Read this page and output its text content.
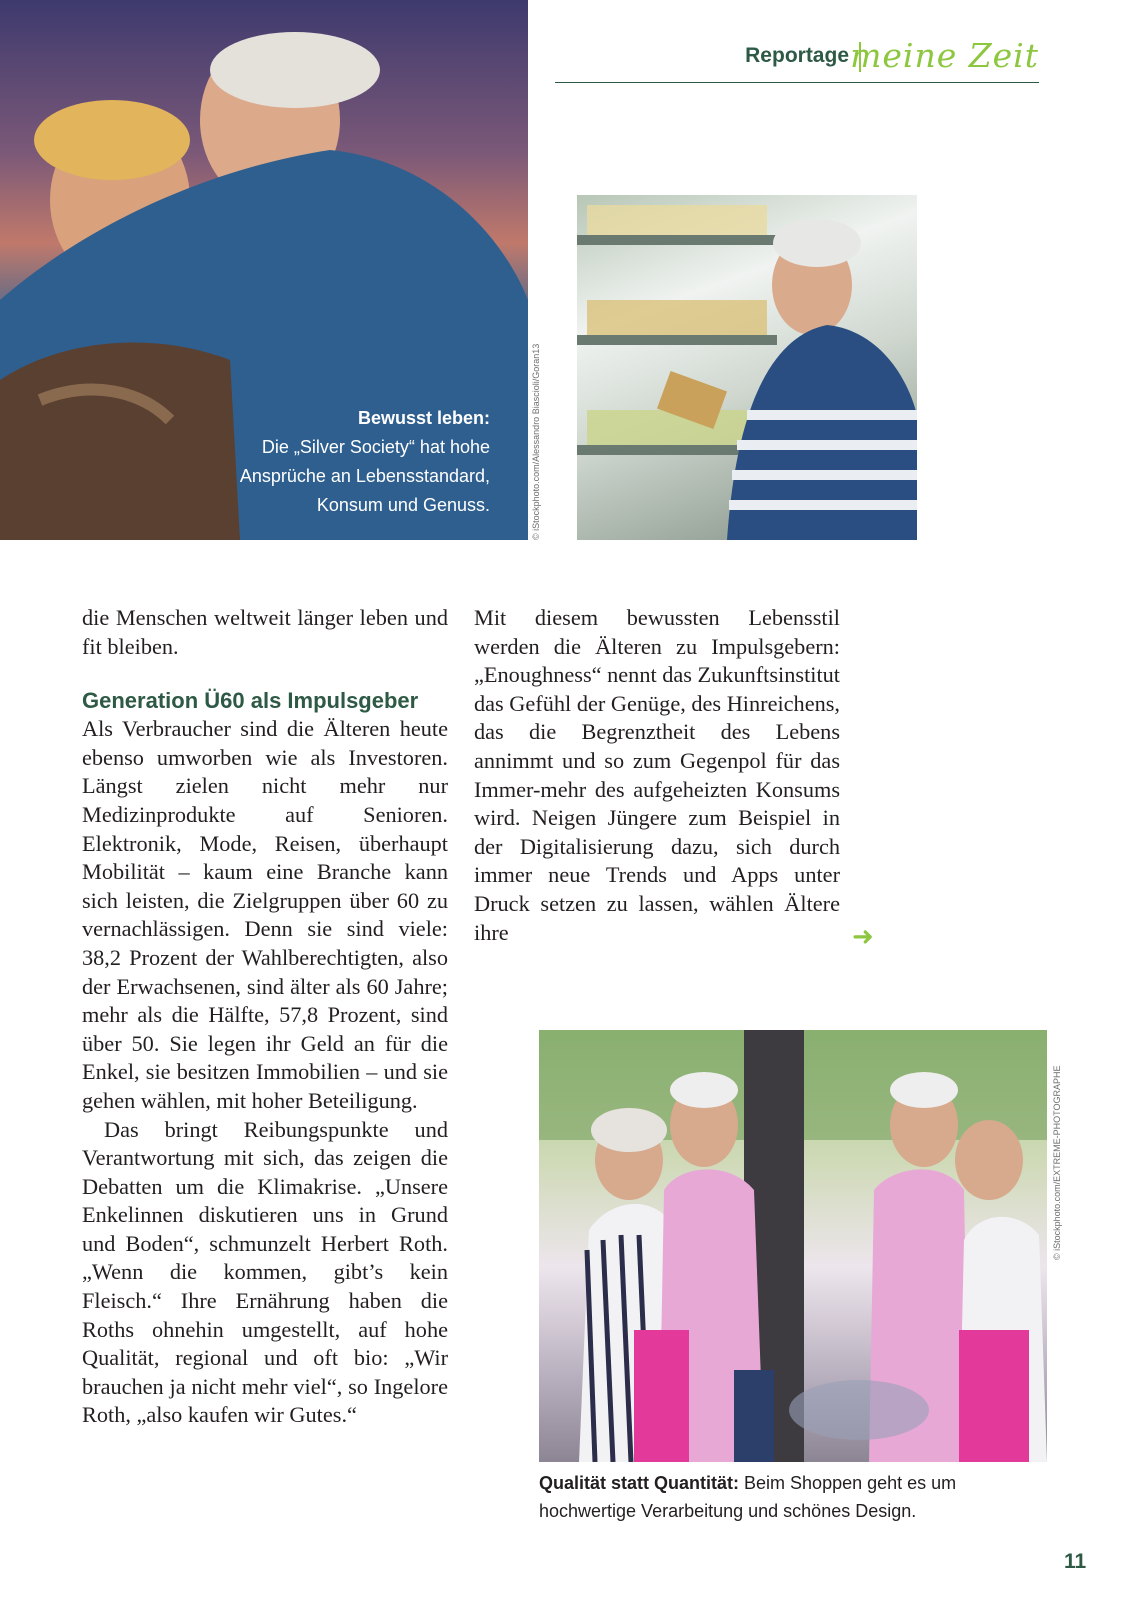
Reportage meine Zeit
Bewusst leben:
Die „Silver Society“ hat hohe Ansprüche an Lebensstandard, Konsum und Genuss.	© iStockphoto.com/Alessandro Biascioli/Goran13

die Menschen weltweit länger leben und fit bleiben.

Generation Ü60 als Impulsgeber

Als Verbraucher sind die Älteren heute ebenso umworben wie als Investoren. Längst zielen nicht mehr nur Medizinprodukte auf Senioren. Elektronik, Mode, Reisen, überhaupt Mobilität – kaum eine Branche kann sich leisten, die Zielgruppen über 60 zu vernachlässigen. Denn sie sind viele: 38,2 Prozent der Wahlberechtigten, also der Erwachsenen, sind älter als 60 Jahre; mehr als die Hälfte, 57,8 Prozent, sind über 50. Sie legen ihr Geld an für die Enkel, sie besitzen Immobilien – und sie gehen wählen, mit hoher Beteiligung.

Das bringt Reibungspunkte und Verantwortung mit sich, das zeigen die Debatten um die Klimakrise. „Unsere Enkelinnen diskutieren uns in Grund und Boden“, schmunzelt Herbert Roth. „Wenn die kommen, gibt’s kein Fleisch.“ Ihre Ernährung haben die Roths ohnehin umgestellt, auf hohe Qualität, regional und oft bio: „Wir brauchen ja nicht mehr viel“, so Ingelore Roth, „also kaufen wir Gutes.“

Mit diesem bewussten Lebensstil werden die Älteren zu Impulsgebern: „Enoughness“ nennt das Zukunftsinstitut das Gefühl der Genüge, des Hinreichens, das die Begrenztheit des Lebens annimmt und so zum Gegenpol für das Immer-mehr des aufgeheizten Konsums wird. Neigen Jüngere zum Beispiel in der Digitalisierung dazu, sich durch immer neue Trends und Apps unter Druck setzen zu lassen, wählen Ältere ihre	➜
© iStockphoto.com/EXTREME-PHOTOGRAPHE
Qualität statt Quantität: Beim Shoppen geht es um hochwertige Verarbeitung und schönes Design.
11
